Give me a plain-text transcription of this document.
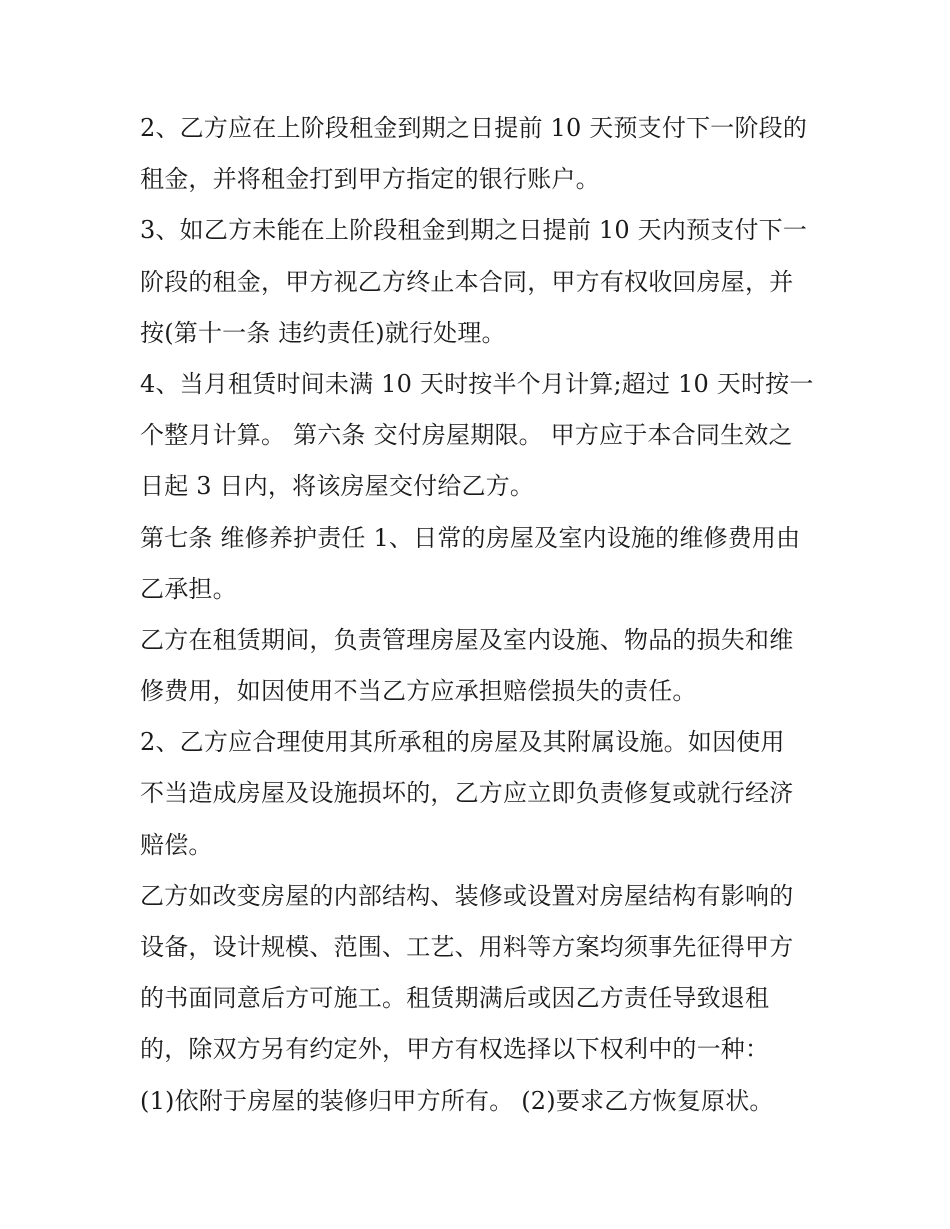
2、乙方应在上阶段租金到期之日提前 10 天预支付下一阶段的
租金，并将租金打到甲方指定的银行账户。

3、如乙方未能在上阶段租金到期之日提前 10 天内预支付下一
阶段的租金，甲方视乙方终止本合同，甲方有权收回房屋，并
按(第十一条 违约责任)就行处理。

4、当月租赁时间未满 10 天时按半个月计算;超过 10 天时按一
个整月计算。 第六条 交付房屋期限。 甲方应于本合同生效之
日起 3 日内，将该房屋交付给乙方。

第七条 维修养护责任 1、日常的房屋及室内设施的维修费用由
乙承担。

乙方在租赁期间，负责管理房屋及室内设施、物品的损失和维
修费用，如因使用不当乙方应承担赔偿损失的责任。

2、乙方应合理使用其所承租的房屋及其附属设施。如因使用
不当造成房屋及设施损坏的，乙方应立即负责修复或就行经济
赔偿。

乙方如改变房屋的内部结构、装修或设置对房屋结构有影响的
设备，设计规模、范围、工艺、用料等方案均须事先征得甲方
的书面同意后方可施工。租赁期满后或因乙方责任导致退租
的，除双方另有约定外，甲方有权选择以下权利中的一种：
(1)依附于房屋的装修归甲方所有。 (2)要求乙方恢复原状。
